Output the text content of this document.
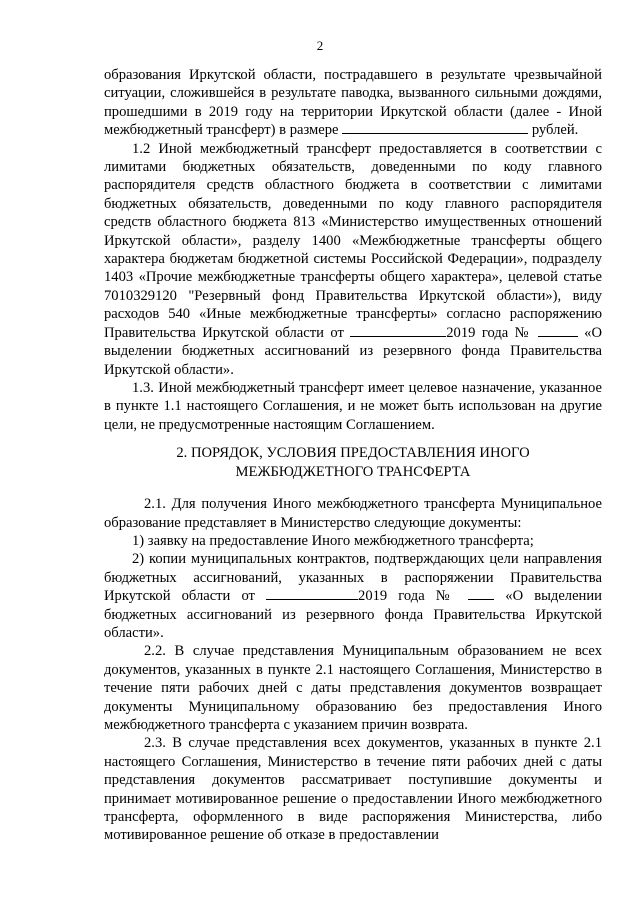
2

образования Иркутской области, пострадавшего в результате чрезвычайной ситуации, сложившейся в результате паводка, вызванного сильными дождями, прошедшими в 2019 году на территории Иркутской области (далее - Иной межбюджетный трансферт) в размере	рублей.

1.2 Иной межбюджетный трансферт предоставляется в соответствии с лимитами бюджетных обязательств, доведенными по коду главного распорядителя средств областного бюджета в соответствии с лимитами бюджетных обязательств, доведенными по коду главного распорядителя средств областного бюджета 813 «Министерство имущественных отношений Иркутской области», разделу 1400 «Межбюджетные трансферты общего характера бюджетам бюджетной системы Российской Федерации», подразделу 1403 «Прочие межбюджетные трансферты общего характера», целевой статье 7010329120 "Резервный фонд Правительства Иркутской области»), виду расходов 540 «Иные межбюджетные трансферты» согласно распоряжению Правительства Иркутской области от	2019 года №	«О выделении бюджетных ассигнований из резервного фонда Правительства Иркутской области».

1.3. Иной межбюджетный трансферт имеет целевое назначение, указанное в пункте 1.1 настоящего Соглашения, и не может быть использован на другие цели, не предусмотренные настоящим Соглашением.

2. ПОРЯДОК, УСЛОВИЯ ПРЕДОСТАВЛЕНИЯ ИНОГО
МЕЖБЮДЖЕТНОГО ТРАНСФЕРТА

2.1. Для получения Иного межбюджетного трансферта Муниципальное образование представляет в Министерство следующие документы:

1) заявку на предоставление Иного межбюджетного трансферта;

2) копии муниципальных контрактов, подтверждающих цели направления бюджетных ассигнований, указанных в распоряжении Правительства Иркутской области от	2019 года №	«О выделении бюджетных ассигнований из резервного фонда Правительства Иркутской области».

2.2. В случае представления Муниципальным образованием не всех документов, указанных в пункте 2.1 настоящего Соглашения, Министерство в течение пяти рабочих дней с даты представления документов возвращает документы Муниципальному образованию без предоставления Иного межбюджетного трансферта с указанием причин возврата.

2.3. В случае представления всех документов, указанных в пункте 2.1 настоящего Соглашения, Министерство в течение пяти рабочих дней с даты представления документов рассматривает поступившие документы и принимает мотивированное решение о предоставлении Иного межбюджетного трансферта, оформленного в виде распоряжения Министерства, либо мотивированное решение об отказе в предоставлении
